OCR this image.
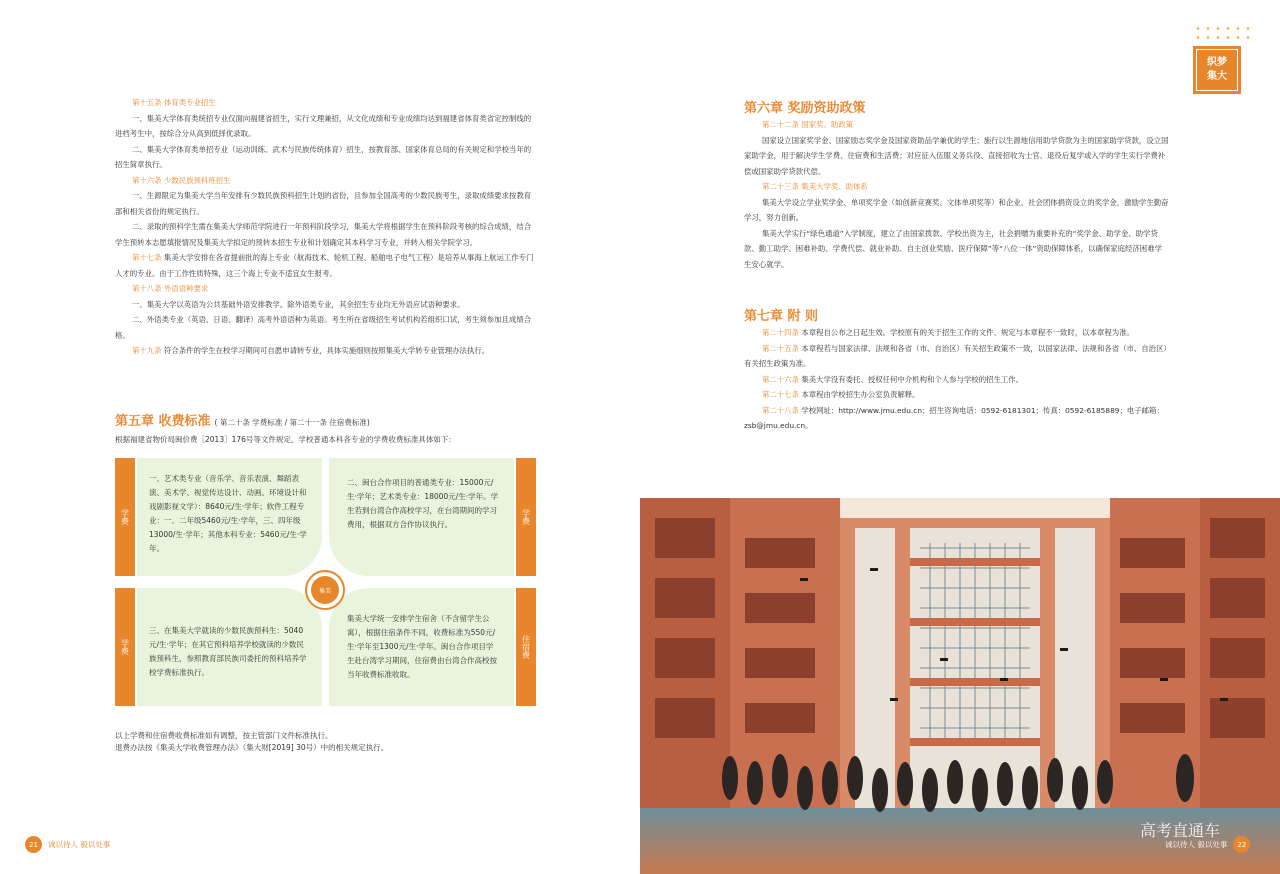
第十五条 体育类专业招生

一、集美大学体育类统招专业仅面向福建省招生，实行文理兼招，从文化成绩和专业成绩均达到福建省体育类省定控制线的进档考生中，按综合分从高到低择优录取。

二、集美大学体育类单招专业（运动训练、武术与民族传统体育）招生，按教育部、国家体育总局的有关规定和学校当年的招生简章执行。

第十六条 少数民族预科班招生

一、生源限定为集美大学当年安排有少数民族预科招生计划的省份，且参加全国高考的少数民族考生，录取成绩要求按教育部和相关省份的规定执行。

二、录取的预科学生需在集美大学师范学院进行一年预科阶段学习，集美大学将根据学生在预科阶段考核的综合成绩，结合学生预转本志愿填报情况及集美大学拟定的预转本招生专业和计划确定其本科学习专业，并转入相关学院学习。

第十七条 集美大学安排在各省提前批的海上专业（航海技术、轮机工程、船舶电子电气工程）是培养从事海上航运工作专门人才的专业。由于工作性质特殊，这三个海上专业不适宜女生报考。

第十八条 外语语种要求

一、集美大学以英语为公共基础外语安排教学。除外语类专业，其余招生专业均无外语应试语种要求。

二、外语类专业（英语、日语、翻译）高考外语语种为英语。考生所在省级招生考试机构若组织口试，考生须参加且成绩合格。

第十九条 符合条件的学生在校学习期间可自愿申请转专业，具体实施细则按照集美大学转专业管理办法执行。

第五章 收费标准 ( 第二十条 学费标准 / 第二十一条 住宿费标准)

根据福建省物价局闽价费［2013］176号等文件规定，学校普通本科各专业的学费收费标准具体如下：

学费
一、艺术类专业（音乐学、音乐表演、舞蹈表演、美术学、视觉传达设计、动画、环境设计和戏剧影视文学）：8640元/生·学年；软件工程专业：一、二年级5460元/生·学年，三、四年级13000/生·学年；其他本科专业：5460元/生·学年。
二、闽台合作项目的普通类专业：15000元/生·学年；艺术类专业：18000元/生·学年。学生若到台湾合作高校学习，在台湾期间的学习费用，根据双方合作协议执行。	学费
学费
三、在集美大学就读的少数民族预科生：5040元/生·学年；在其它预科培养学校就读的少数民族预科生，参照教育部民族司委托的预科培养学校学费标准执行。
集美大学统一安排学生宿舍（不含留学生公寓），根据住宿条件不同，收费标准为550元/生·学年至1300元/生·学年。闽台合作项目学生赴台湾学习期间，住宿费由台湾合作高校按当年收费标准收取。
住宿费
集美

以上学费和住宿费收费标准如有调整，按主管部门文件标准执行。

退费办法按《集美大学收费管理办法》（集大财[2019] 30号）中的相关规定执行。

21	诚以待人 毅以处事
织梦
集大
第六章 奖励资助政策

第二十二条 国家奖、助政策

国家设立国家奖学金、国家励志奖学金及国家资助品学兼优的学生；施行以生源地信用助学贷款为主的国家助学贷款，设立国家助学金，用于解决学生学费、住宿费和生活费；对应征入伍服义务兵役、直接招收为士官、退役后复学或入学的学生实行学费补偿或国家助学贷款代偿。

第二十三条 集美大学奖、助体系

集美大学设立学业奖学金、单项奖学金（如创新竞赛奖、文体单项奖等）和企业、社会团体捐资设立的奖学金，激励学生勤奋学习，努力创新。

集美大学实行“绿色通道”入学制度，建立了由国家拨款、学校出资为主，社会捐赠为重要补充的“奖学金、助学金、助学贷款、勤工助学、困难补助、学费代偿、就业补助、自主创业奖励、医疗保障”等“八位一体”资助保障体系，以确保家庭经济困难学生安心就学。

第七章 附 则

第二十四条 本章程自公布之日起生效。学校原有的关于招生工作的文件、规定与本章程不一致时，以本章程为准。

第二十五条 本章程若与国家法律、法规和各省（市、自治区）有关招生政策不一致，以国家法律、法规和各省（市、自治区）有关招生政策为准。

第二十六条 集美大学没有委托、授权任何中介机构和个人参与学校的招生工作。

第二十七条 本章程由学校招生办公室负责解释。

第二十八条 学校网址：http://www.jmu.edu.cn；招生咨询电话：0592-6181301；传真：0592-6185889；电子邮箱：zsb@jmu.edu.cn。

高考直通车
诚以待人 毅以处事	22
